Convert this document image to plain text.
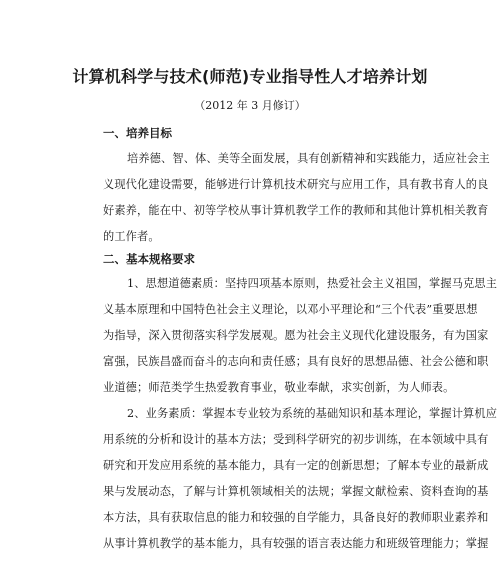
计算机科学与技术(师范)专业指导性人才培养计划
（2012 年 3 月修订）
一、培养目标
培养德、智、体、美等全面发展，具有创新精神和实践能力，适应社会主
义现代化建设需要，能够进行计算机技术研究与应用工作，具有教书育人的良
好素养，能在中、初等学校从事计算机教学工作的教师和其他计算机相关教育
的工作者。
二、基本规格要求
1、思想道德素质：坚持四项基本原则，热爱社会主义祖国，掌握马克思主
义基本原理和中国特色社会主义理论，以邓小平理论和“三个代表”重要思想
为指导，深入贯彻落实科学发展观。愿为社会主义现代化建设服务，有为国家
富强，民族昌盛而奋斗的志向和责任感；具有良好的思想品德、社会公德和职
业道德；师范类学生热爱教育事业，敬业奉献，求实创新，为人师表。
2、业务素质：掌握本专业较为系统的基础知识和基本理论，掌握计算机应
用系统的分析和设计的基本方法；受到科学研究的初步训练，在本领域中具有
研究和开发应用系统的基本能力，具有一定的创新思想；了解本专业的最新成
果与发展动态，了解与计算机领域相关的法规；掌握文献检索、资料查询的基
本方法，具有获取信息的能力和较强的自学能力，具备良好的教师职业素养和
从事计算机教学的基本能力，具有较强的语言表达能力和班级管理能力；掌握
